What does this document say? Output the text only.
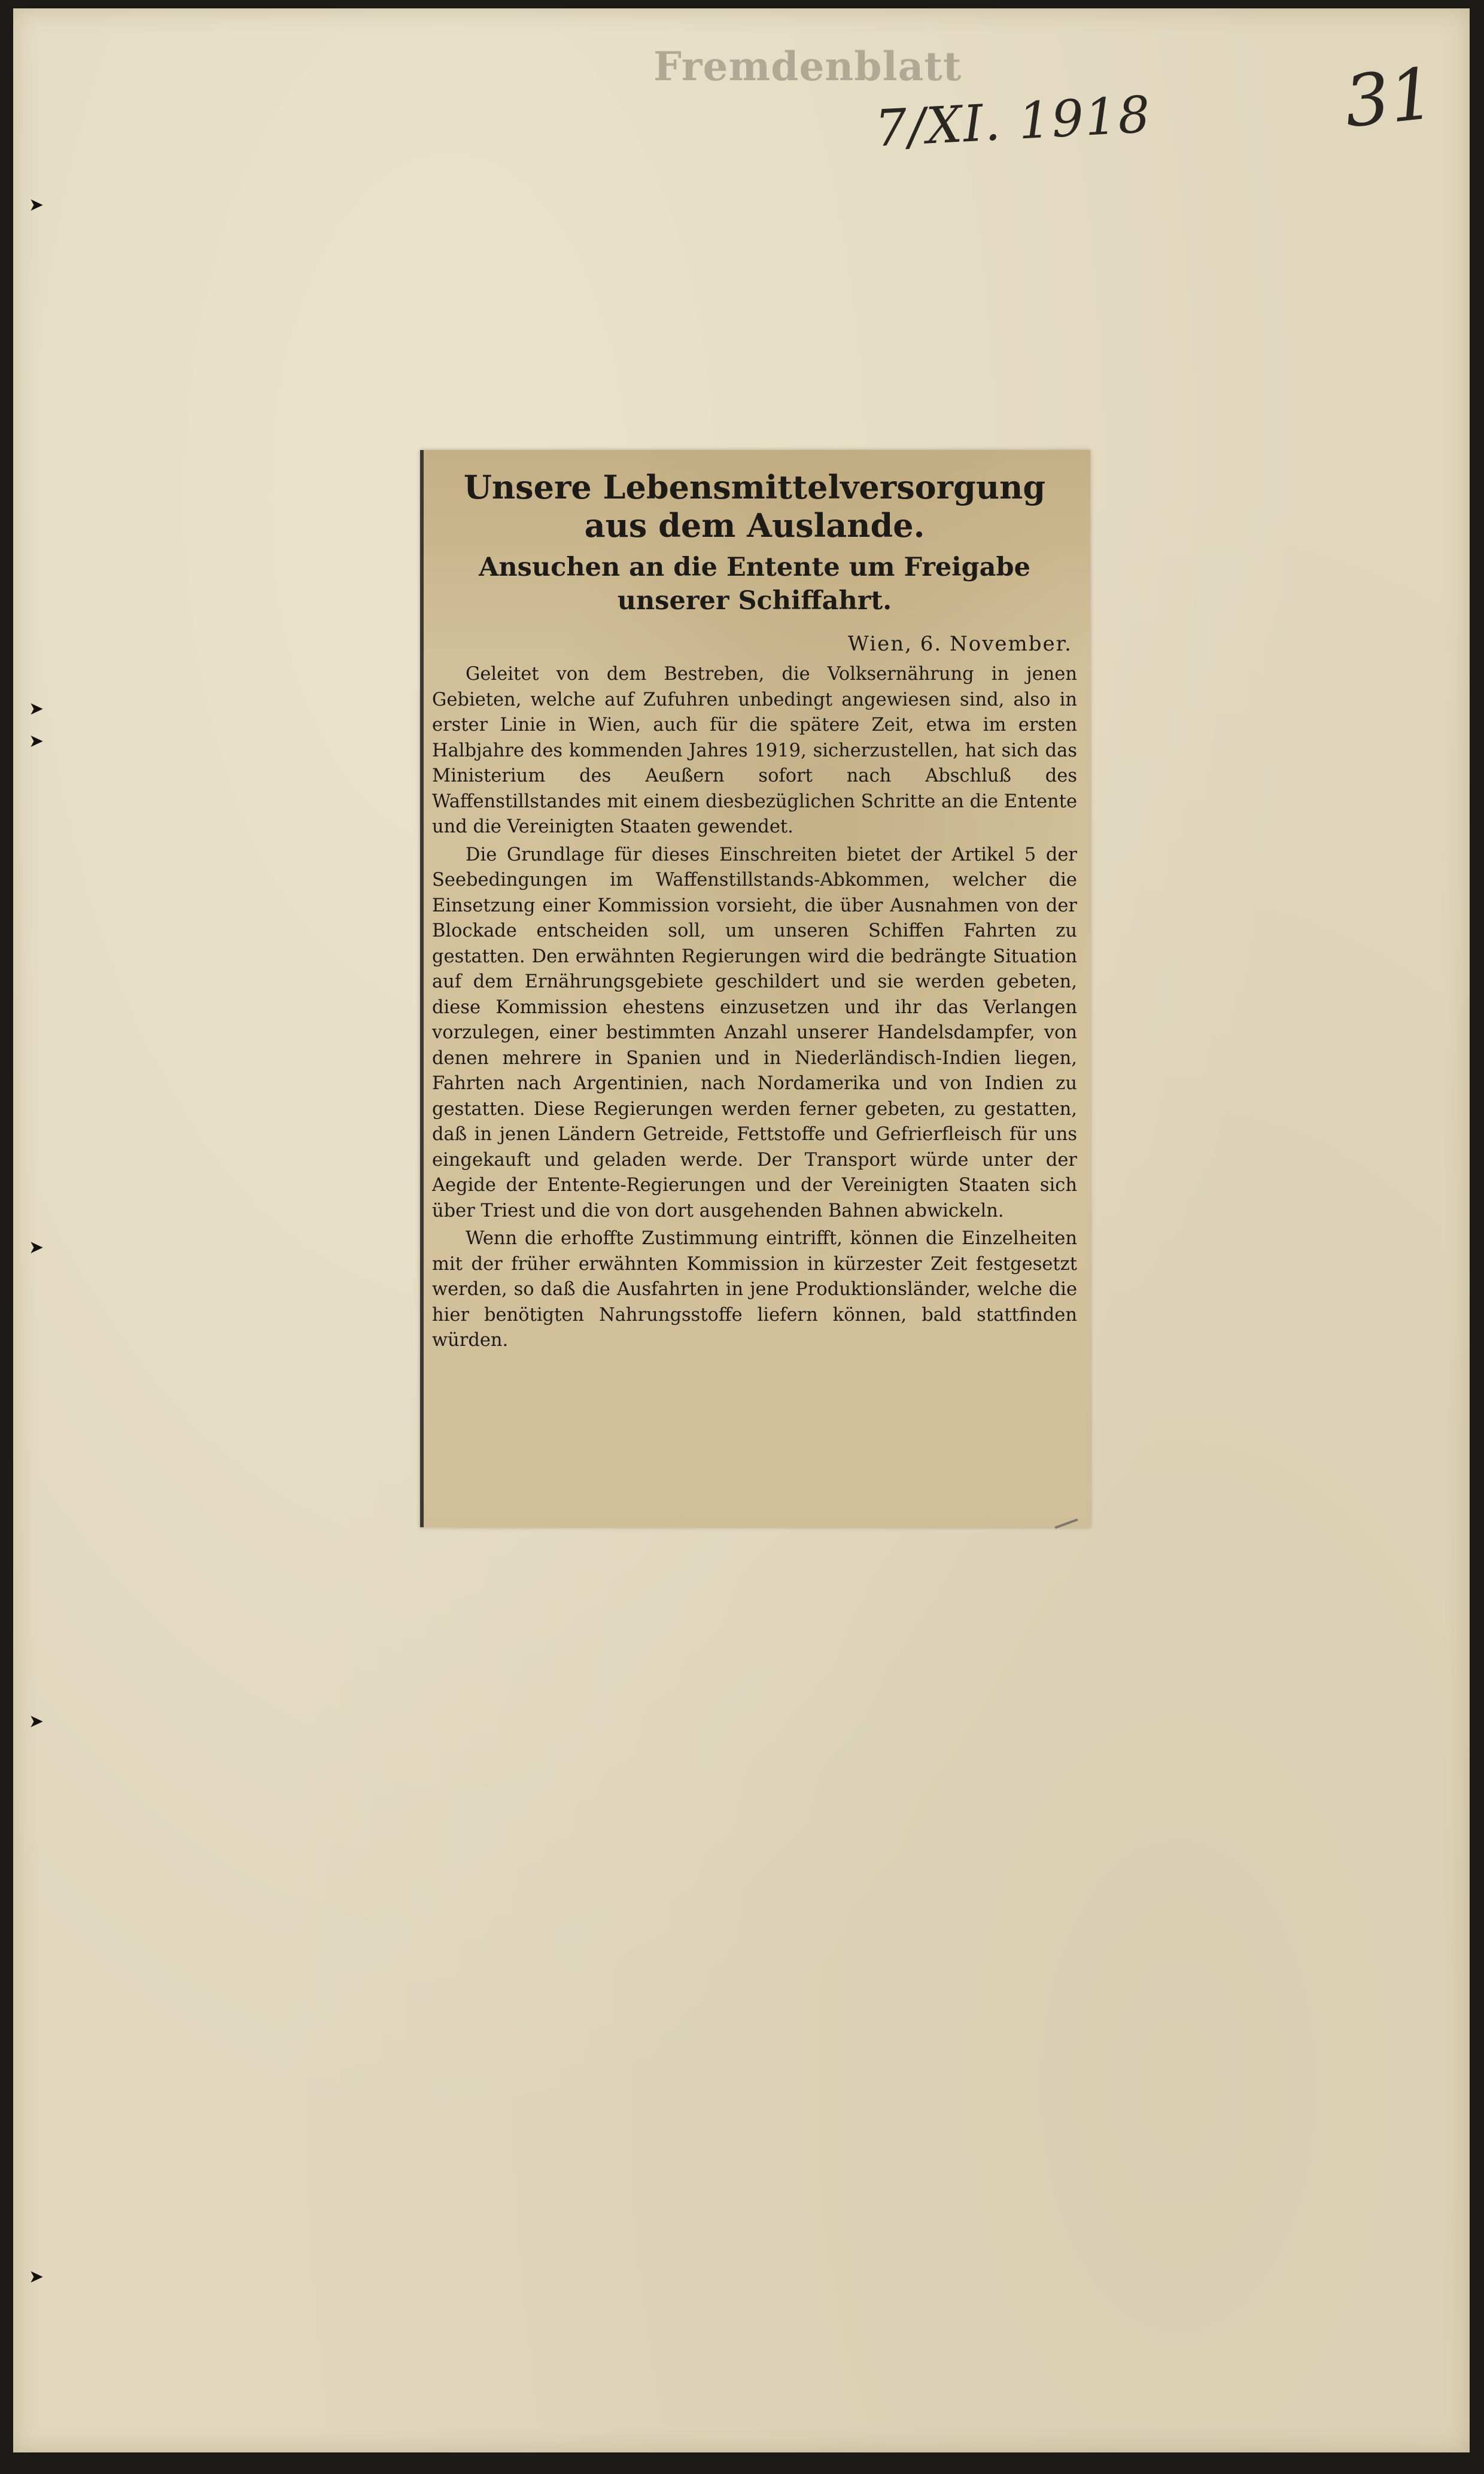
Fremdenblatt
7/XI. 1918	31
➤
➤
➤
➤
➤
➤
Unsere Lebensmittelversorgung aus dem Auslande.
Ansuchen an die Entente um Freigabe unserer Schiffahrt.
Wien, 6. November.

Geleitet von dem Bestreben, die Volksernährung in jenen Gebieten, welche auf Zufuhren unbedingt angewiesen sind, also in erster Linie in Wien, auch für die spätere Zeit, etwa im ersten Halbjahre des kommenden Jahres 1919, sicherzustellen, hat sich das Ministerium des Aeußern sofort nach Abschluß des Waffenstillstandes mit einem diesbezüglichen Schritte an die Entente und die Vereinigten Staaten gewendet.

Die Grundlage für dieses Einschreiten bietet der Artikel 5 der Seebedingungen im Waffenstillstands-Abkommen, welcher die Einsetzung einer Kommission vorsieht, die über Ausnahmen von der Blockade entscheiden soll, um unseren Schiffen Fahrten zu gestatten. Den erwähnten Regierungen wird die bedrängte Situation auf dem Ernährungsgebiete geschildert und sie werden gebeten, diese Kommission ehestens einzusetzen und ihr das Verlangen vorzulegen, einer bestimmten Anzahl unserer Handelsdampfer, von denen mehrere in Spanien und in Niederländisch-Indien liegen, Fahrten nach Argentinien, nach Nordamerika und von Indien zu gestatten. Diese Regierungen werden ferner gebeten, zu gestatten, daß in jenen Ländern Getreide, Fettstoffe und Gefrierfleisch für uns eingekauft und geladen werde. Der Transport würde unter der Aegide der Entente-Regierungen und der Vereinigten Staaten sich über Triest und die von dort ausgehenden Bahnen abwickeln.

Wenn die erhoffte Zustimmung eintrifft, können die Einzelheiten mit der früher erwähnten Kommission in kürzester Zeit festgesetzt werden, so daß die Ausfahrten in jene Produktionsländer, welche die hier benötigten Nahrungsstoffe liefern können, bald stattfinden würden.
